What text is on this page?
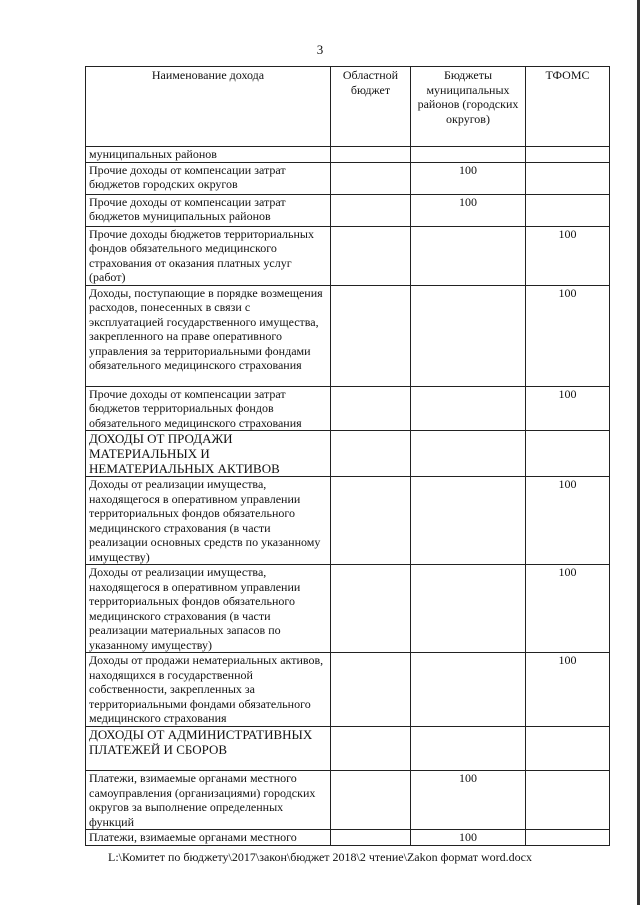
3
Наименование дохода	Областной бюджет	Бюджеты муниципальных районов (городских округов)	ТФОМС
муниципальных районов			
Прочие доходы от компенсации затрат бюджетов городских округов		100	
Прочие доходы от компенсации затрат бюджетов муниципальных районов		100	
Прочие доходы бюджетов территориальных фондов обязательного медицинского страхования от оказания платных услуг (работ)			100
Доходы, поступающие в порядке возмещения расходов, понесенных в связи с эксплуатацией государственного имущества, закрепленного на праве оперативного управления за территориальными фондами обязательного медицинского страхования			100
Прочие доходы от компенсации затрат бюджетов территориальных фондов обязательного медицинского страхования			100
ДОХОДЫ ОТ ПРОДАЖИ МАТЕРИАЛЬНЫХ И НЕМАТЕРИАЛЬНЫХ АКТИВОВ			
Доходы от реализации имущества, находящегося в оперативном управлении территориальных фондов обязательного медицинского страхования (в части реализации основных средств по указанному имуществу)			100
Доходы от реализации имущества, находящегося в оперативном управлении территориальных фондов обязательного медицинского страхования (в части реализации материальных запасов по указанному имуществу)			100
Доходы от продажи нематериальных активов, находящихся в государственной собственности, закрепленных за территориальными фондами обязательного медицинского страхования			100
ДОХОДЫ ОТ АДМИНИСТРАТИВНЫХ ПЛАТЕЖЕЙ И СБОРОВ			
Платежи, взимаемые органами местного самоуправления (организациями) городских округов за выполнение определенных функций		100	
Платежи, взимаемые органами местного		100	
L:\Комитет по бюджету\2017\закон\бюджет 2018\2 чтение\Zakon формат word.docx
